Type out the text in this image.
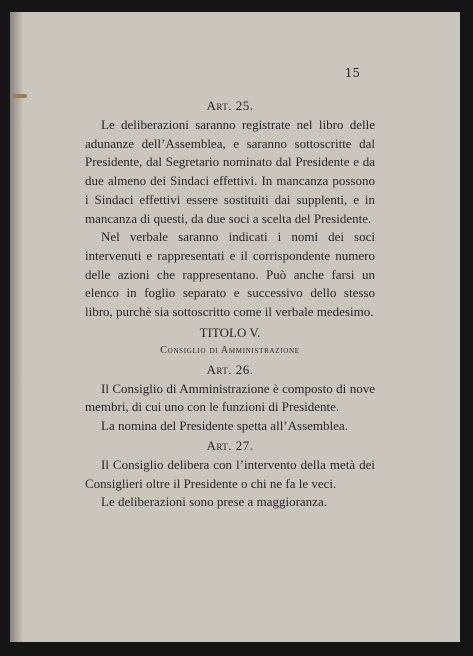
15
Art. 25.

Le deliberazioni saranno registrate nel libro delle adunanze dell’Assemblea, e saranno sottoscritte dal Presidente, dal Segretario nominato dal Presidente e da due almeno dei Sindaci effettivi. In mancanza possono i Sindaci effettivi essere sostituiti dai supplenti, e in mancanza di questi, da due soci a scelta del Presidente.

Nel verbale saranno indicati i nomi dei soci intervenuti e rappresentati e il corrispondente numero delle azioni che rappresentano. Può anche farsi un elenco in foglio separato e successivo dello stesso libro, purchè sia sottoscritto come il verbale medesimo.

TITOLO V.
Consiglio di Amministrazione
Art. 26.

Il Consiglio di Amministrazione è composto di nove membri, di cui uno con le funzioni di Presidente.

La nomina del Presidente spetta all’Assemblea.

Art. 27.

Il Consiglio delibera con l’intervento della metà dei Consiglieri oltre il Presidente o chi ne fa le veci.

Le deliberazioni sono prese a maggioranza.
